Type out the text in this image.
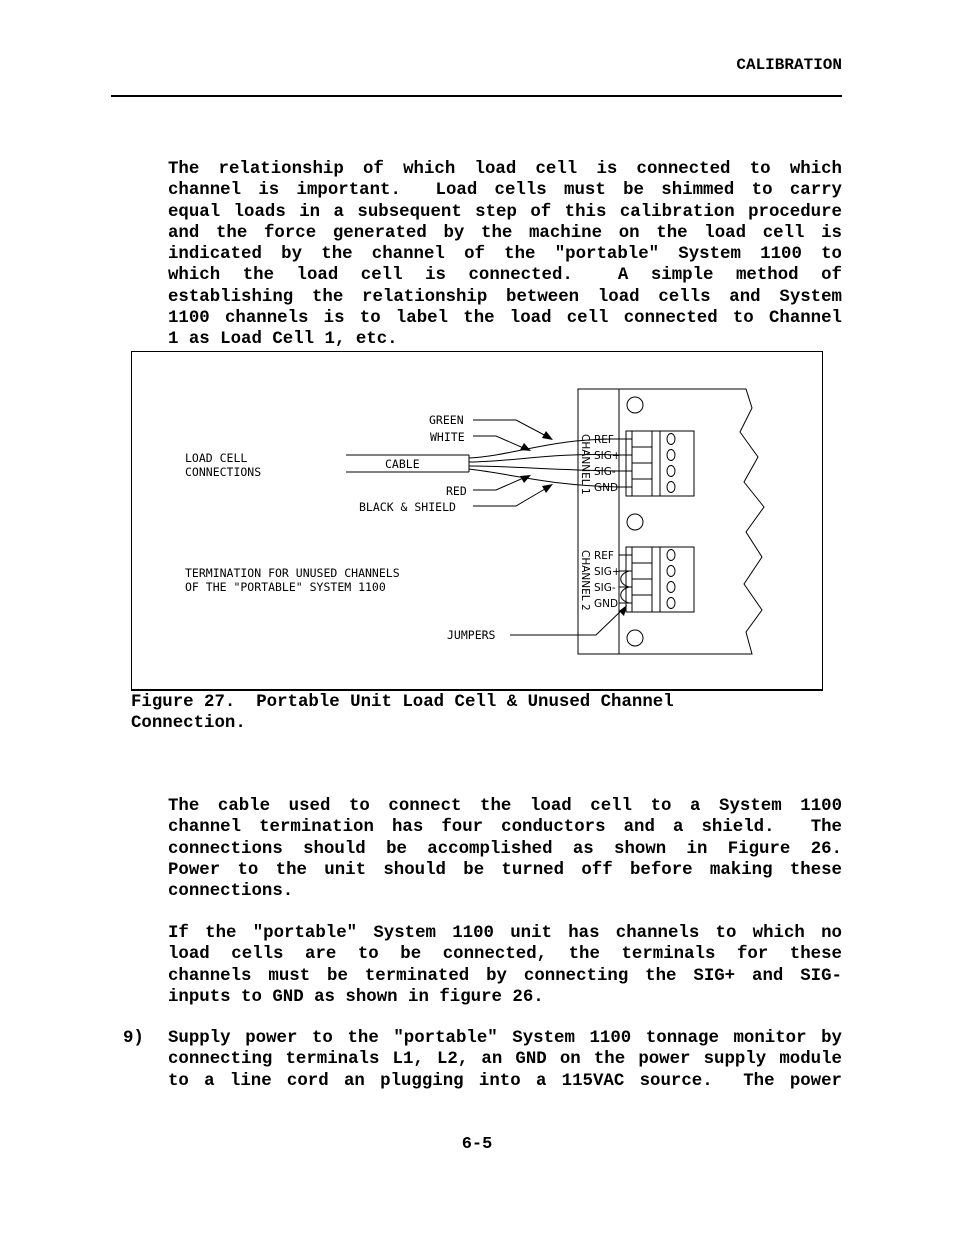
CALIBRATION
The relationship of which load cell is connected to which
channel is important.  Load cells must be shimmed to carry
equal loads in a subsequent step of this calibration procedure
and the force generated by the machine on the load cell is
indicated by the channel of the "portable" System 1100 to
which the load cell is connected.  A simple method of
establishing the relationship between load cells and System
1100 channels is to label the load cell connected to Channel
1 as Load Cell 1, etc.
GREEN
WHITE
LOAD CELL
CONNECTIONS
CABLE
RED
BLACK & SHIELD
TERMINATION FOR UNUSED CHANNELS
OF THE "PORTABLE" SYSTEM 1100
JUMPERS
REF
SIG+
SIG-
GND
REF
SIG+
SIG-
GND
CHANNEL 1
CHANNEL 2
Figure 27.  Portable Unit Load Cell & Unused Channel
Connection.
The cable used to connect the load cell to a System 1100
channel termination has four conductors and a shield.  The
connections should be accomplished as shown in Figure 26.
Power to the unit should be turned off before making these
connections.
If the "portable" System 1100 unit has channels to which no
load cells are to be connected, the terminals for these
channels must be terminated by connecting the SIG+ and SIG-
inputs to GND as shown in figure 26.
9) Supply power to the "portable" System 1100 tonnage monitor by
connecting terminals L1, L2, an GND on the power supply module
to a line cord an plugging into a 115VAC source.  The power
6-5
